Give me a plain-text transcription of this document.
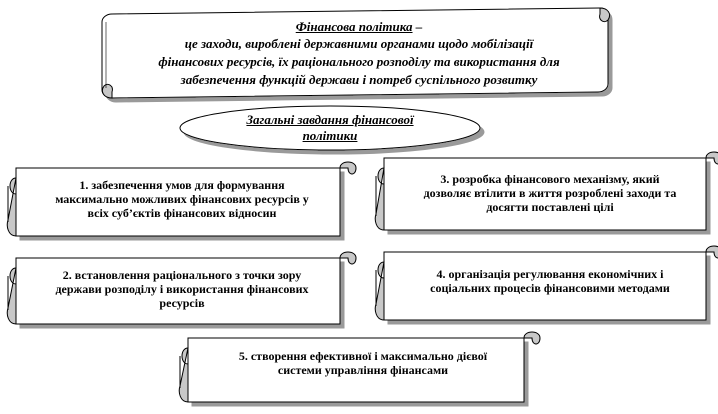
Фінансова політика –
це заходи, вироблені державними органами щодо мобілізації
фінансових ресурсів, їх раціонального розподілу та використання для
забезпечення функцій держави і потреб суспільного розвитку
Загальні завдання фінансової
політики
1. забезпечення умов для формування
максимально можливих фінансових ресурсів у
всіх суб’єктів фінансових відносин
2. встановлення раціонального з точки зору
держави розподілу і використання фінансових
ресурсів
3. розробка фінансового механізму, який
дозволяє втілити в життя розроблені заходи та
досягти поставлені цілі
4. організація регулювання економічних і
соціальних процесів фінансовими методами
5. створення ефективної і максимально дієвої
системи управління фінансами
